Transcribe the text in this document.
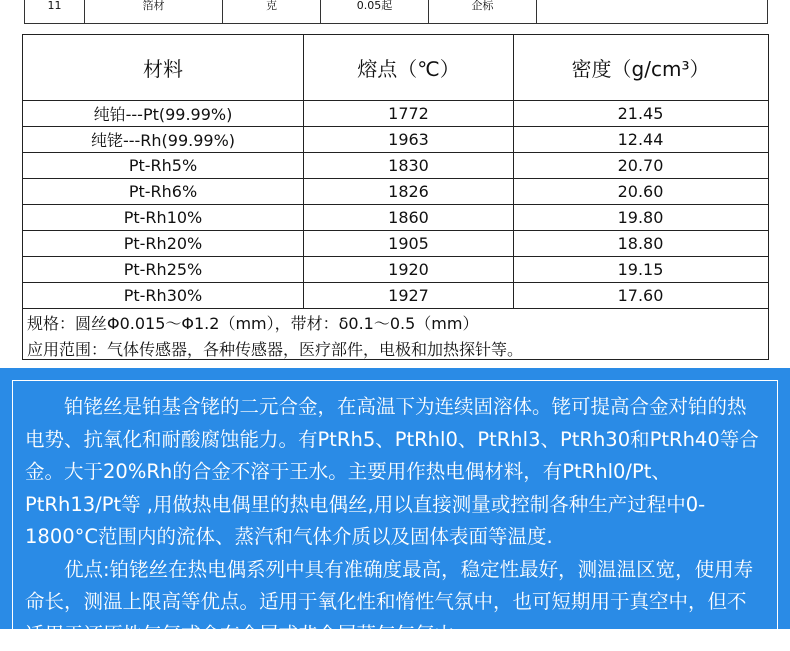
11	箔材	克	0.05起	企标
材料	熔点（℃）	密度（g/cm³）
纯铂---Pt(99.99%)	1772	21.45
纯铑---Rh(99.99%)	1963	12.44
Pt-Rh5%	1830	20.70
Pt-Rh6%	1826	20.60
Pt-Rh10%	1860	19.80
Pt-Rh20%	1905	18.80
Pt-Rh25%	1920	19.15
Pt-Rh30%	1927	17.60
规格：圆丝Φ0.015～Φ1.2（mm），带材：δ0.1～0.5（mm）
应用范围：气体传感器，各种传感器，医疗部件，电极和加热探针等。

　　铂铑丝是铂基含铑的二元合金，在高温下为连续固溶体。铑可提高合金对铂的热电势、抗氧化和耐酸腐蚀能力。有PtRh5、PtRhl0、PtRhl3、PtRh30和PtRh40等合金。大于20%Rh的合金不溶于王水。主要用作热电偶材料，有PtRhl0/Pt、PtRh13/Pt等 ,用做热电偶里的热电偶丝,用以直接测量或控制各种生产过程中0-1800°C范围内的流体、蒸汽和气体介质以及固体表面等温度.

　　优点:铂铑丝在热电偶系列中具有准确度最高，稳定性最好，测温温区宽，使用寿命长，测温上限高等优点。适用于氧化性和惰性气氛中，也可短期用于真空中，但不适用于还原性气氛或含有金属或非金属蒸气气氛中。
